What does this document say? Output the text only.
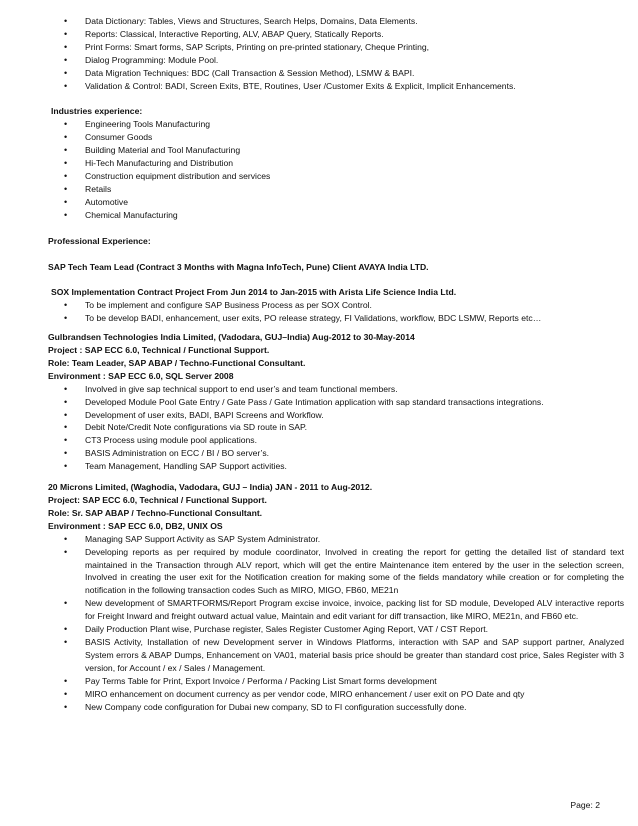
• Data Dictionary: Tables, Views and Structures, Search Helps, Domains, Data Elements.
• Reports: Classical, Interactive Reporting, ALV, ABAP Query, Statically Reports.
• Print Forms: Smart forms, SAP Scripts, Printing on pre-printed stationary, Cheque Printing,
• Dialog Programming: Module Pool.
• Data Migration Techniques: BDC (Call Transaction & Session Method), LSMW & BAPI.
• Validation & Control: BADI, Screen Exits, BTE, Routines, User /Customer Exits & Explicit, Implicit Enhancements.
Industries experience:
• Engineering Tools Manufacturing
• Consumer Goods
• Building Material and Tool Manufacturing
• Hi-Tech Manufacturing and Distribution
• Construction equipment distribution and services
• Retails
• Automotive
• Chemical Manufacturing
Professional Experience:
SAP Tech Team Lead (Contract 3 Months with Magna InfoTech, Pune) Client AVAYA India LTD.
SOX Implementation Contract Project From Jun 2014 to Jan-2015 with Arista Life Science India Ltd.
• To be implement and configure SAP Business Process as per SOX Control.
• To be develop BADI, enhancement, user exits, PO release strategy, FI Validations, workflow, BDC LSMW, Reports etc…
Gulbrandsen Technologies India Limited, (Vadodara, GUJ–India) Aug-2012 to 30-May-2014
Project : SAP ECC 6.0, Technical / Functional Support.
Role: Team Leader, SAP ABAP / Techno-Functional Consultant.
Environment : SAP ECC 6.0, SQL Server 2008
• Involved in give sap technical support to end user’s and team functional members.
• Developed Module Pool Gate Entry / Gate Pass / Gate Intimation application with sap standard transactions integrations.
• Development of user exits, BADI, BAPI Screens and Workflow.
• Debit Note/Credit Note configurations via SD route in SAP.
• CT3 Process using module pool applications.
• BASIS Administration on ECC / BI / BO server’s.
• Team Management, Handling SAP Support activities.
20 Microns Limited, (Waghodia, Vadodara, GUJ – India) JAN - 2011 to Aug-2012.
Project: SAP ECC 6.0, Technical / Functional Support.
Role: Sr. SAP ABAP / Techno-Functional Consultant.
Environment : SAP ECC 6.0, DB2, UNIX OS
• Managing SAP Support Activity as SAP System Administrator.
• Developing reports as per required by module coordinator, Involved in creating the report for getting the detailed list of standard text maintained in the Transaction through ALV report, which will get the entire Maintenance item entered by the user in the selection screen, Involved in creating the user exit for the Notification creation for making some of the fields mandatory while creation or for completing the notification in the following transaction codes Such as MIRO, MIGO, FB60, ME21n
• New development of SMARTFORMS/Report Program excise invoice, invoice, packing list for SD module, Developed ALV interactive reports for Freight Inward and freight outward actual value, Maintain and edit variant for diff transaction, like MIRO, ME21n, and FB60 etc.
• Daily Production Plant wise, Purchase register, Sales Register Customer Aging Report, VAT / CST Report.
• BASIS Activity, Installation of new Development server in Windows Platforms, interaction with SAP and SAP support partner, Analyzed System errors & ABAP Dumps, Enhancement on VA01, material basis price should be greater than standard cost price, Sales Register with 3 version, for Account / ex / Sales / Management.
• Pay Terms Table for Print, Export Invoice / Performa / Packing List Smart forms development
• MIRO enhancement on document currency as per vendor code, MIRO enhancement / user exit on PO Date and qty
• New Company code configuration for Dubai new company, SD to FI configuration successfully done.
Page: 2
